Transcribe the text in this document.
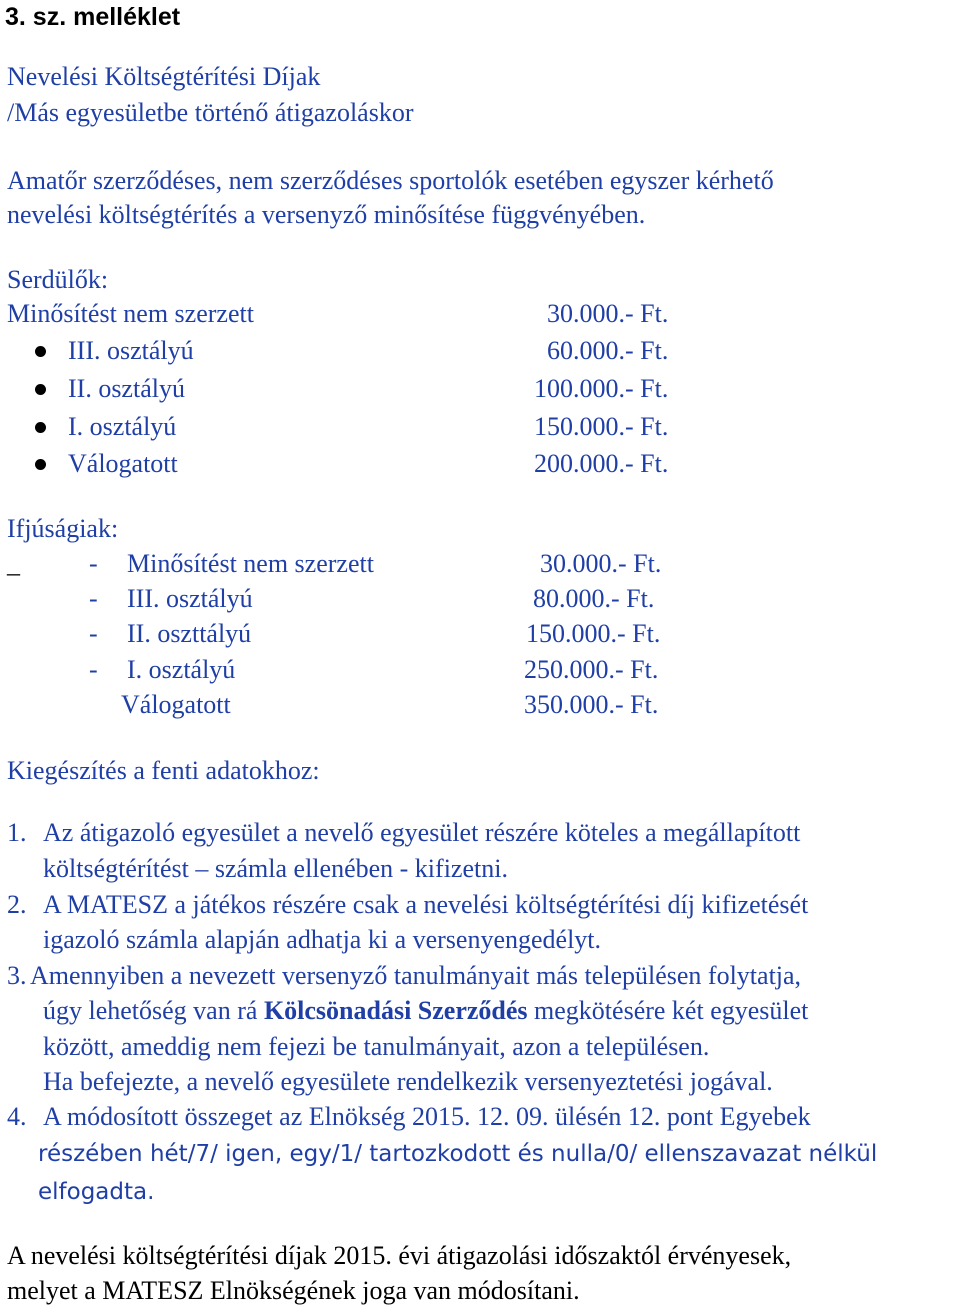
3. sz. melléklet
Nevelési Költségtérítési Díjak
/Más egyesületbe történő átigazoláskor
Amatőr szerződéses, nem szerződéses sportolók esetében egyszer kérhető
nevelési költségtérítés a versenyző minősítése függvényében.
Serdülők:
Minősítést nem szerzett	30.000.- Ft.
III. osztályú	60.000.- Ft.
II. osztályú	100.000.- Ft.
I. osztályú	150.000.- Ft.
Válogatott	200.000.- Ft.
Ifjúságiak:
_	- Minősítést nem szerzett	30.000.- Ft.
- III. osztályú	80.000.- Ft.
- II. oszttályú	150.000.- Ft.
- I. osztályú	250.000.- Ft.
Válogatott	350.000.- Ft.
Kiegészítés a fenti adatokhoz:
1. Az átigazoló egyesület a nevelő egyesület részére köteles a megállapított
költségtérítést – számla ellenében - kifizetni.
2. A MATESZ a játékos részére csak a nevelési költségtérítési díj kifizetését
igazoló számla alapján adhatja ki a versenyengedélyt.
3. Amennyiben a nevezett versenyző tanulmányait más településen folytatja,
úgy lehetőség van rá Kölcsönadási Szerződés megkötésére két egyesület
között, ameddig nem fejezi be tanulmányait, azon a településen.
Ha befejezte, a nevelő egyesülete rendelkezik versenyeztetési jogával.
4. A módosított összeget az Elnökség 2015. 12. 09. ülésén 12. pont Egyebek
részében hét/7/ igen, egy/1/ tartozkodott és nulla/0/ ellenszavazat nélkül
elfogadta.
A nevelési költségtérítési díjak 2015. évi átigazolási időszaktól érvényesek,
melyet a MATESZ Elnökségének joga van módosítani.
